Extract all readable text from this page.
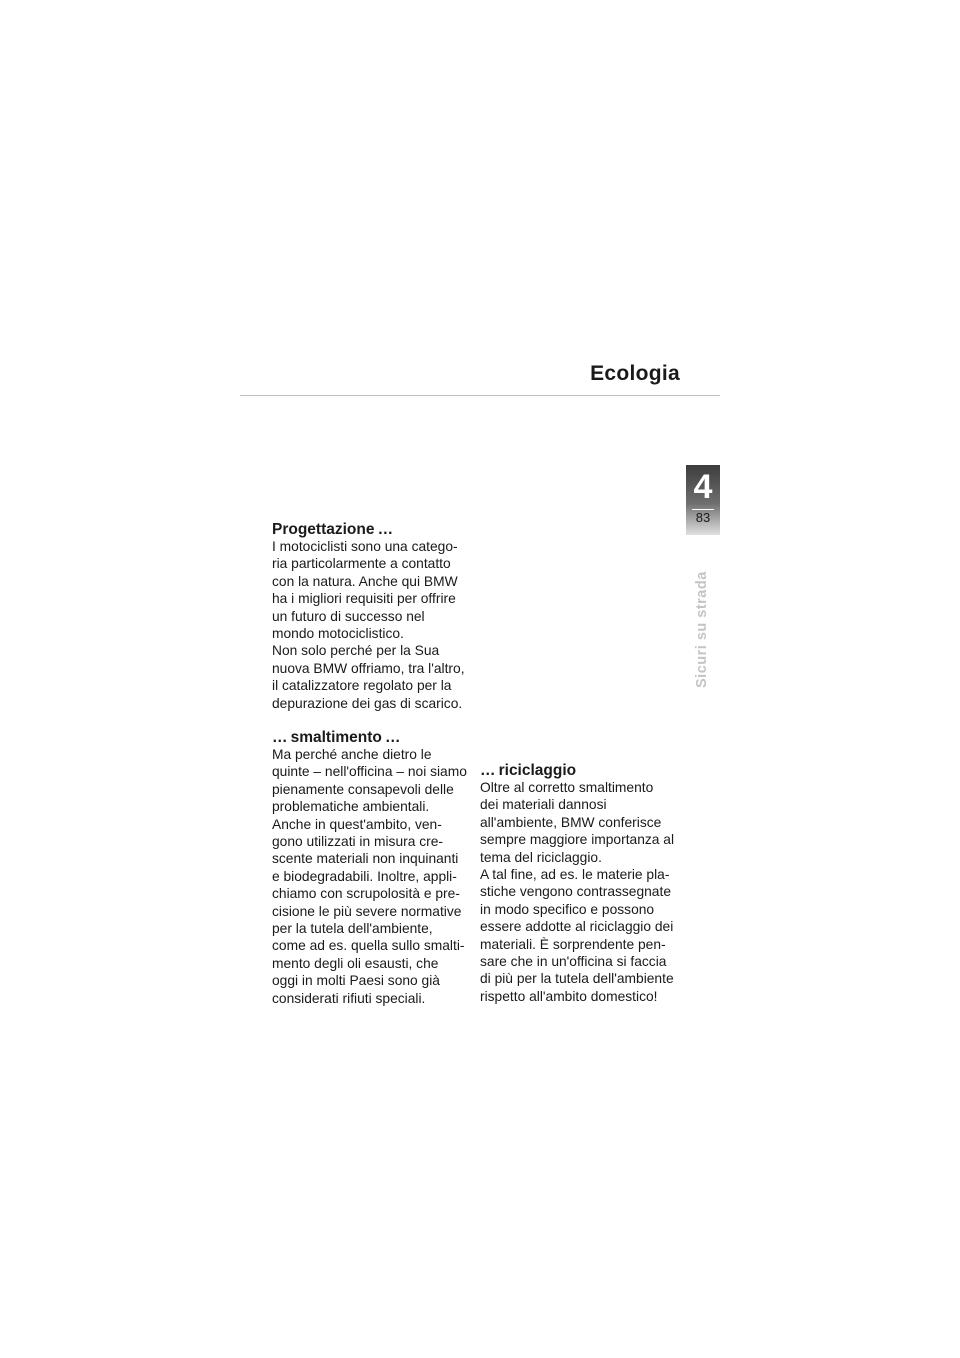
Ecologia
4
83
Sicuri su strada
Progettazione …

I motociclisti sono una catego-
ria particolarmente a contatto
con la natura. Anche qui BMW
ha i migliori requisiti per offrire
un futuro di successo nel
mondo motociclistico.
Non solo perché per la Sua
nuova BMW offriamo, tra l'altro,
il catalizzatore regolato per la
depurazione dei gas di scarico.

… smaltimento …

Ma perché anche dietro le
quinte – nell'officina – noi siamo
pienamente consapevoli delle
problematiche ambientali.
Anche in quest'ambito, ven-
gono utilizzati in misura cre-
scente materiali non inquinanti
e biodegradabili. Inoltre, appli-
chiamo con scrupolosità e pre-
cisione le più severe normative
per la tutela dell'ambiente,
come ad es. quella sullo smalti-
mento degli oli esausti, che
oggi in molti Paesi sono già
considerati rifiuti speciali.

… riciclaggio

Oltre al corretto smaltimento
dei materiali dannosi
all'ambiente, BMW conferisce
sempre maggiore importanza al
tema del riciclaggio.
A tal fine, ad es. le materie pla-
stiche vengono contrassegnate
in modo specifico e possono
essere addotte al riciclaggio dei
materiali. È sorprendente pen-
sare che in un'officina si faccia
di più per la tutela dell'ambiente
rispetto all'ambito domestico!
